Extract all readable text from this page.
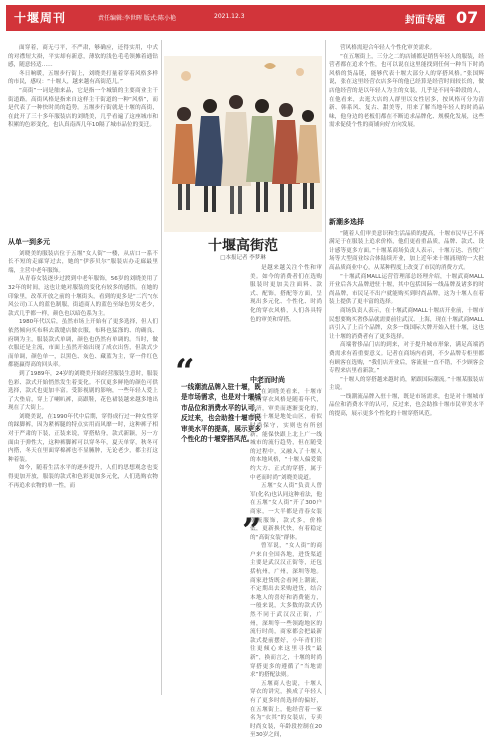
十堰周刊	责任编辑:李世晖 版式:陈小艳	2021.12.3	封面专题 07

面穿着，商无弓平，不严肃，够确应，还得实用，中式的对襟短大褂，平实却有新意，薄软的浅色毛毛领摊着通钻感，随意轻适……

冬日晌暖，五堰步行街上，刘晓美打量着穿着风格多样的市民，感叹：“十堰人，越来越有高街范儿。”

“高街”一词是舶来品，它是指一个城镇的主要商业主干街道路。高街风格是指来自这样主干街道的一种“风格”，而是代表了一种快时尚的趋势。五堰步行街就是十堰的高街，在此开了三十多年服装店的刘晓美，几乎看遍了这座城市和积累的色彩变化，也认真南西几年10隔了城市品位的变迁。

从单一到多元

刘晓美的服装店位于五堰“女人街”一楼，从店口一系不长不短的走廊穿过去，她的“伊莎贝尔”服装店办走廊最里端，主营中老年服饰。

从青春女装逐步过渡到中老年服饰，56岁的刘晓美用了32年的时间，这也让她对服装的变化有较多的感悟。在她的印象里，改革开放之前的十堰街头，看到的更多是“二汽”(东风公司)工人的蓝色制服，街道商人的蓝色至绿色男女老少，款式几乎都一样，颜色也以暗色系为主。

1980年代以后，虽然市场上开始有了更多选择，但人们依然倾向买布料去裁缝店做衣服，布料也猛涤的、的确良、府绸为主，服装款式单调，颜色也仍然有单调的。当时，做衣服还是主流，市面上虽然开始出现了成衣出售，但款式少而单调，颜色单一，以黑色、灰色、藏蓝为主，穿一件红色都能赢得高的回头率。

到了1989年，24岁的刘晓美开始经营服装生意时，服装色彩、款式开始悄然发生着变化。不仅更多鲜艳的颜色可供选择，款式也更加丰富。受影视剧的影响，一些年轻人爱上了大垫肩，穿上了喇叭裤，高跟鞋，花色裙装越来越多地出现在了大街上。

刘晓美说，在1990年代中后期，穿得成行过一种女性穿的踩脚裤，因为紧裤腿的特点实用而风靡一时，这种裤子相对于严肃的下装，正装来说，穿搭贴身，款式新颖，另一方面由于弹性大，这种裤脚裤可以穿冬年，夏天单穿，秋冬可内搭，冬天在里面穿棉裤也不显臃肿，无论老少，都主打这种着装。

如今，随着生活水平的逐步提升，人们的思想观念也变得更加开放，服装的款式和色彩更加多元化，人们选购衣物不再追求衣物的单一性，而

十堰高街范
□本报记者 李梦琳

是越来越关注个性和审美。如今的消费者们在选购服装时更加关注面料、款式、配饰，搭配等方面，呈现出多元化、个性化、时尚化的穿衣风格，人们各具特色的审美和穿搭。

“
一线潮流品牌入驻十堰，既是市场需求，也是对十堰城市品位和消费水平的认可，反过来，也会助推十堰市民审美水平的提高，展示更多个性化的十堰穿搭风范。
”
中老而时尚

在刘晓美看来，十堰市民的穿衣风格是随着年代，经济，审美而逐渐变化的，虽然十堰是地处山区，看似时尚保守，实则也有所创新，能保快跟上北上广一线城市的流行趋势，但在随受的过程中，又融入了十堰人的本地风格，“十堰人偏爱简约大方、正式的穿搭，属于中老而时尚”刘晓美说道。

五堰“女人街”负责人曾军(化名)也认同这种看法，他在五堰“女人街”开了300户商家，一大半都是青春女装潮流服饰，款式多，价格低，更新换代快，有着稳定的“高街女装”群体。

曾军说，“女人街”的商户来自全国各地，进货渠道主要是武汉汉正街等，还包括杭州，广州，深圳等地。商家进货既会看网上潮流，不定期出去采购进货，结合本地人的喜好和消费能力，一般来说，大多数的款式仍然不同于武汉汉正街，广州，深圳等一些领跑地区的流行时尚，商家都会把最新款式提前摆好，小年青们往往更倾心来这里寻找“最新”，换而言之，十堰的时尚穿搭更多的遵循了“当地需求”的搭配法则。

五堰商人也说，十堰人穿衣的讲究，换成了年轻人有了更多时尚选择的偏好，在五堰街上，他经营着一家名为“衣其”的女装店，专卖时尚女装，年龄段控制在20至30岁之间，

营风格需迎合年轻人个性化审美需求。

“在五堰街上，三分之二的店铺都是销售年轻人的服装，经营者都在追求个性，也可以说在这里能找到任何一种当下时尚风格的货品链，能够代表十堰大部分人的穿搭风格。”张国辉说，张在这里经营衣店多年的他已经算是经营时间较长的，做店他经营的是以年轻人为主的女装，几乎是不同年龄段的人，在他看来，去逛大店的人群里以女性居多，按风格可分为清新、韩系风、复古、甜美等，用来了解当地年轻人的时尚品味，他身边的老板们都在不断追求品牌化、规模化发展，这些需求促使个性的商铺向好方向发展。

新潮多选择

“随着人们审美意识和生活品质的提高，十堰市民早已不再满足于在服装上追求价格，他们更看重品质，品牌、款式、设计感等更多方面。”十堰某商场负责人表示，十堰万达、吾悦广场等大型商业综合体陆续开业，加上近年来十堰涌现的一大批高品质商业中心，从某种程度上改变了市民的消费方式。

“十堰武商MALL运营管理部总经理介绍，十堰武商MALL开业后各大品牌进驻十堰，其中包括国际一线品牌及诸多的时尚品牌，市民足不出户就能购买到时尚品牌，这为十堰人在着装上提供了更丰富的选择。

商场负责人表示，在十堰武商MALL十堰店开业前，十堰市民想要购买奢侈品就需要前往武汉、上海，现在十堰武商MALL店引入了上百个品牌，众多一线国际大牌开始入驻十堰，这也让十堰的消费者有了更多选择。

高端奢侈品门店的到来，对于提升城市形象，满足高端消费需求有着重要意义。记者在商场内看到，不少品牌专柜里都有顾客在选购，“我们店开业后，客流量一直不错，不少顾客会专程来店里看新款。”

“十堰人的穿搭越来越时尚，紧跟国际潮流。”十堰某服装店主说。

一线潮流品牌入驻十堰，既是市场需求，也是对十堰城市品位和消费水平的认可，反过来，也会助推十堰市民审美水平的提高，展示更多个性化的十堰穿搭风范。
